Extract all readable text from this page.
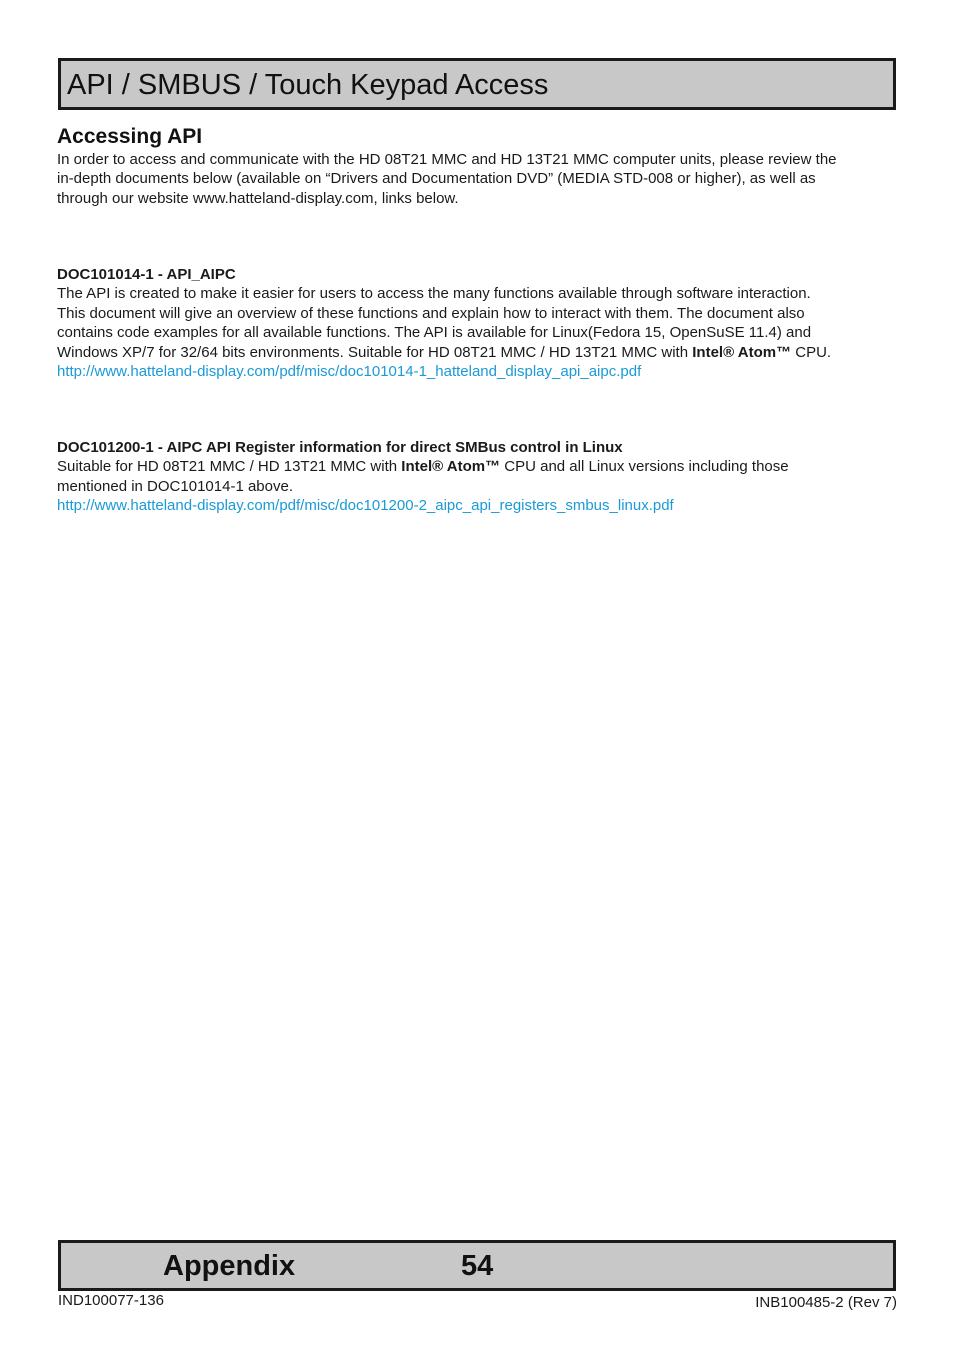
API / SMBUS / Touch Keypad Access
Accessing API

In order to access and communicate with the HD 08T21 MMC and HD 13T21 MMC computer units, please review the

in-depth documents below (available on “Drivers and Documentation DVD” (MEDIA STD-008 or higher), as well as

through our website www.hatteland-display.com, links below.

DOC101014-1 - API_AIPC

The API is created to make it easier for users to access the many functions available through software interaction.

This document will give an overview of these functions and explain how to interact with them. The document also

contains code examples for all available functions. The API is available for Linux(Fedora 15, OpenSuSE 11.4) and

Windows XP/7 for 32/64 bits environments. Suitable for HD 08T21 MMC / HD 13T21 MMC with Intel® Atom™ CPU.

http://www.hatteland-display.com/pdf/misc/doc101014-1_hatteland_display_api_aipc.pdf

DOC101200-1 - AIPC API Register information for direct SMBus control in Linux

Suitable for HD 08T21 MMC / HD 13T21 MMC with Intel® Atom™ CPU and all Linux versions including those

mentioned in DOC101014-1 above.

http://www.hatteland-display.com/pdf/misc/doc101200-2_aipc_api_registers_smbus_linux.pdf
Appendix	54
IND100077-136	INB100485-2 (Rev 7)
